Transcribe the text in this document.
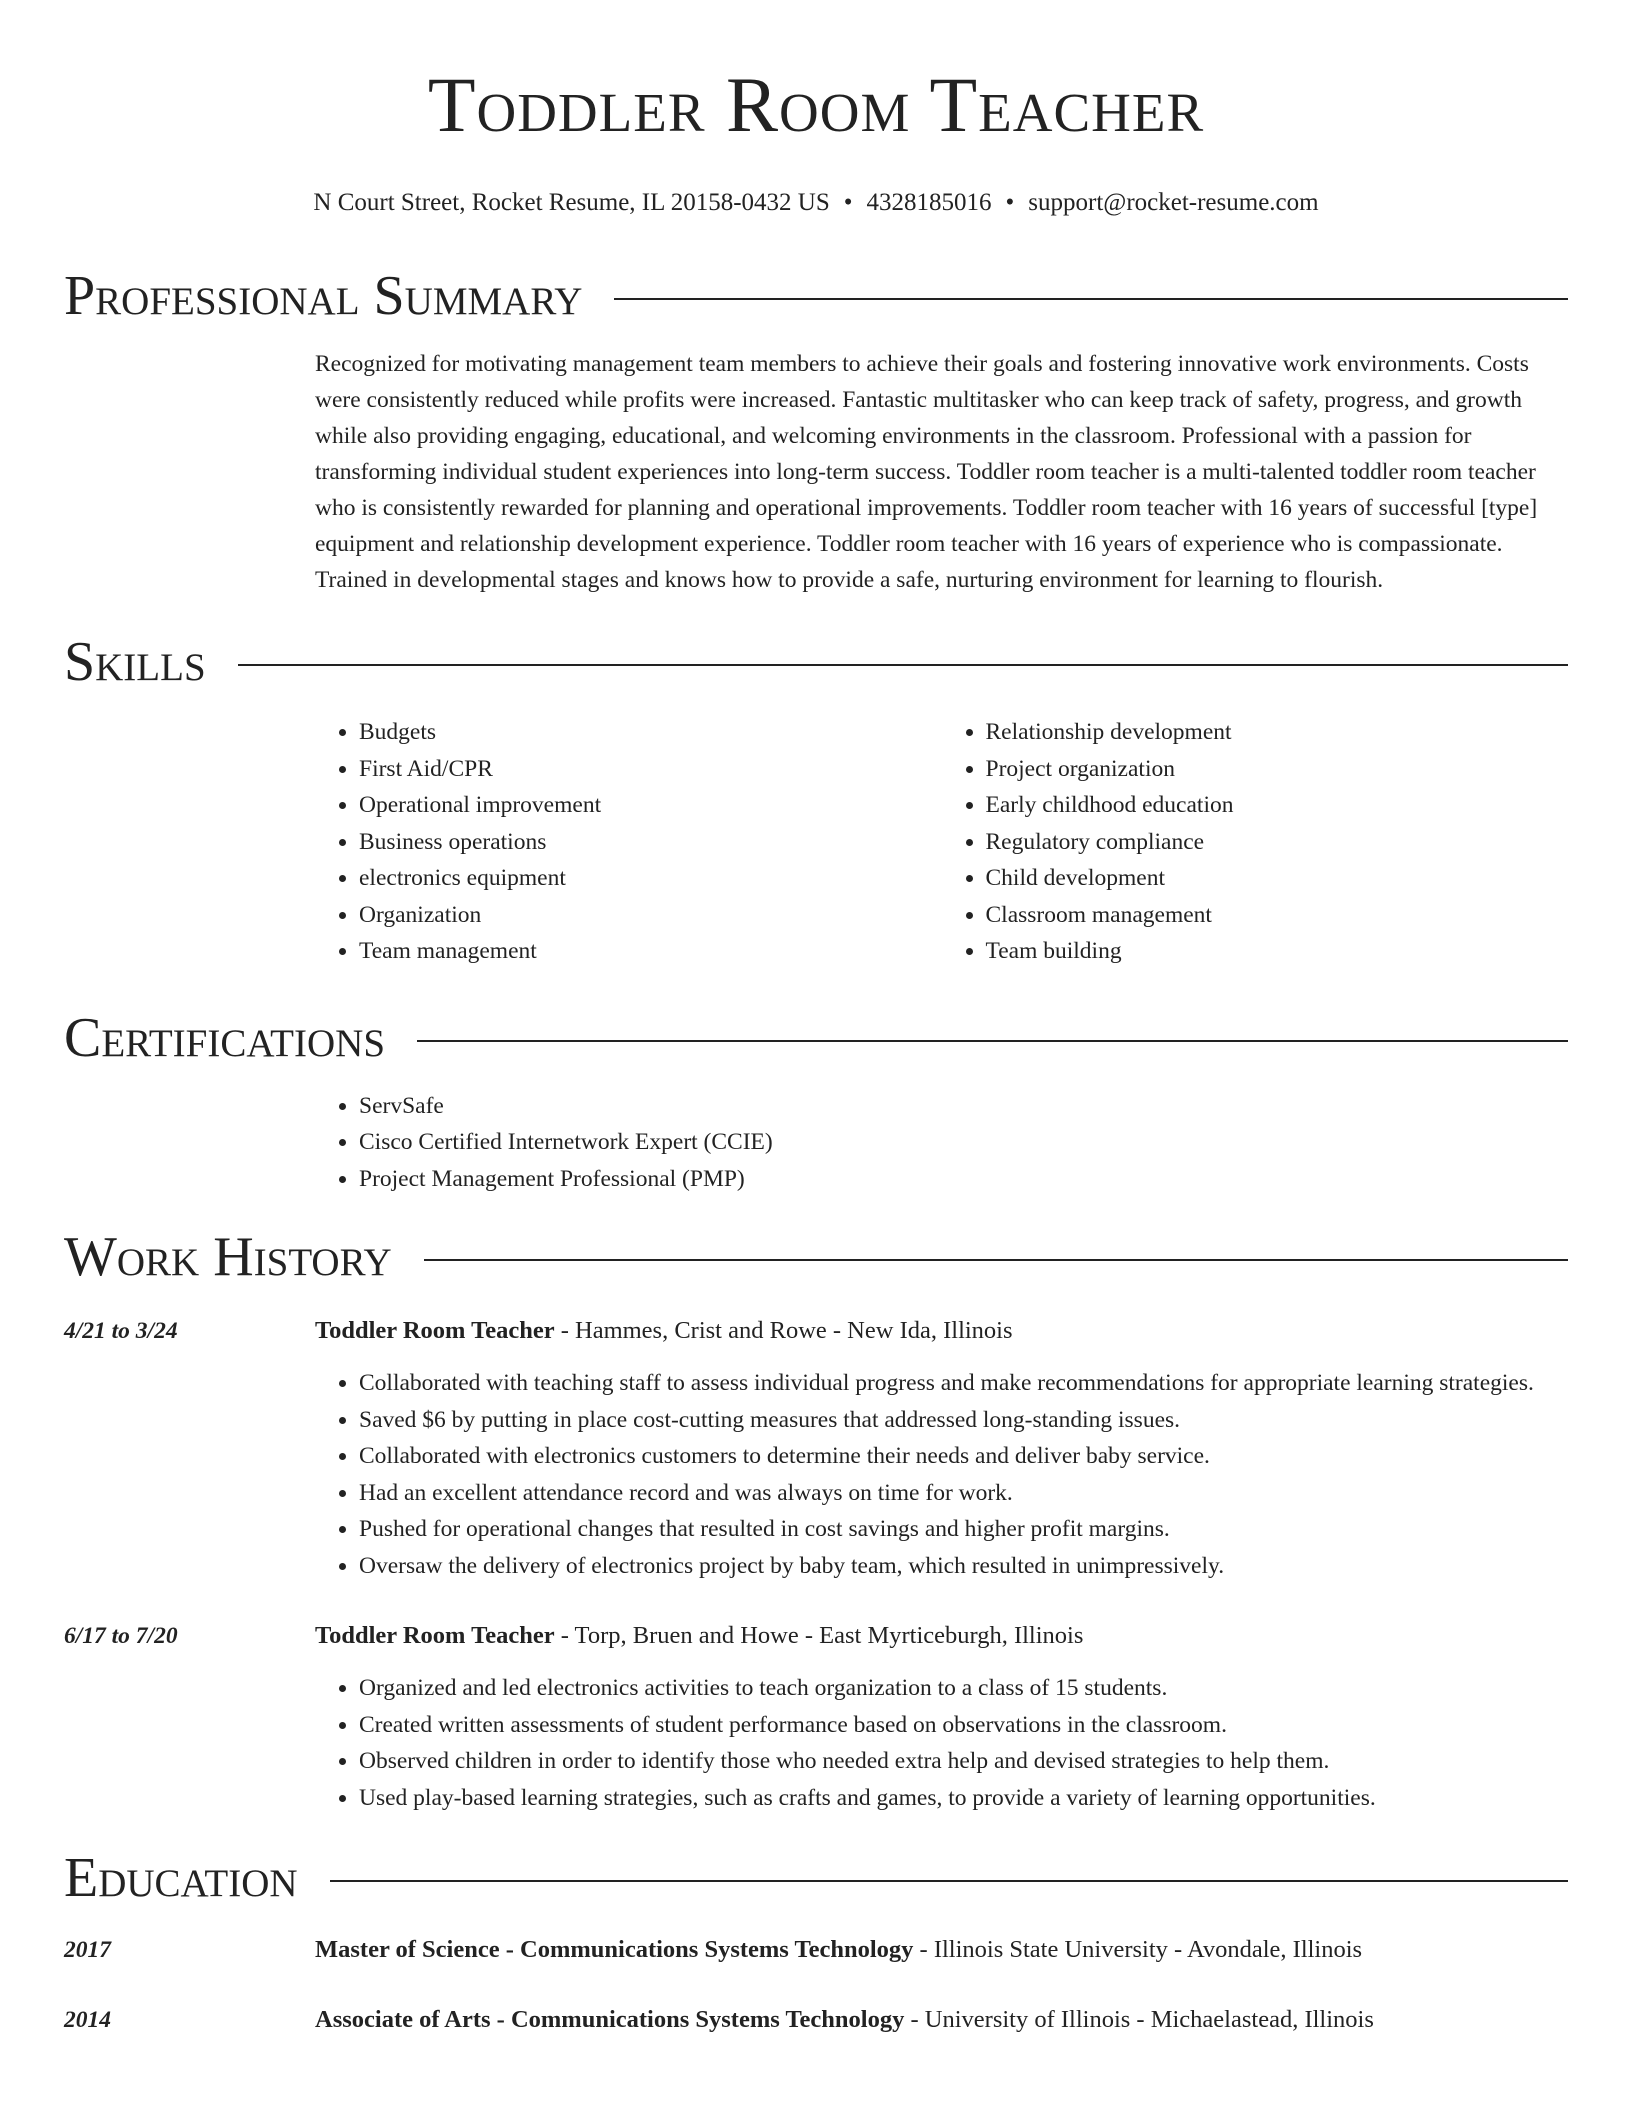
Toddler Room Teacher
N Court Street, Rocket Resume, IL 20158-0432 US • 4328185016 • support@rocket-resume.com
Professional Summary

Recognized for motivating management team members to achieve their goals and fostering innovative work environments. Costs were consistently reduced while profits were increased. Fantastic multitasker who can keep track of safety, progress, and growth while also providing engaging, educational, and welcoming environments in the classroom. Professional with a passion for transforming individual student experiences into long-term success. Toddler room teacher is a multi-talented toddler room teacher who is consistently rewarded for planning and operational improvements. Toddler room teacher with 16 years of successful [type] equipment and relationship development experience. Toddler room teacher with 16 years of experience who is compassionate. Trained in developmental stages and knows how to provide a safe, nurturing environment for learning to flourish.

Skills
• Budgets
• First Aid/CPR
• Operational improvement
• Business operations
• electronics equipment
• Organization
• Team management
• Relationship development
• Project organization
• Early childhood education
• Regulatory compliance
• Child development
• Classroom management
• Team building
Certifications
• ServSafe
• Cisco Certified Internetwork Expert (CCIE)
• Project Management Professional (PMP)
Work History
4/21 to 3/24	Toddler Room Teacher - Hammes, Crist and Rowe - New Ida, Illinois
• Collaborated with teaching staff to assess individual progress and make recommendations for appropriate learning strategies.
• Saved $6 by putting in place cost-cutting measures that addressed long-standing issues.
• Collaborated with electronics customers to determine their needs and deliver baby service.
• Had an excellent attendance record and was always on time for work.
• Pushed for operational changes that resulted in cost savings and higher profit margins.
• Oversaw the delivery of electronics project by baby team, which resulted in unimpressively.
6/17 to 7/20	Toddler Room Teacher - Torp, Bruen and Howe - East Myrticeburgh, Illinois
• Organized and led electronics activities to teach organization to a class of 15 students.
• Created written assessments of student performance based on observations in the classroom.
• Observed children in order to identify those who needed extra help and devised strategies to help them.
• Used play-based learning strategies, such as crafts and games, to provide a variety of learning opportunities.
Education
2017	Master of Science - Communications Systems Technology - Illinois State University - Avondale, Illinois
2014	Associate of Arts - Communications Systems Technology - University of Illinois - Michaelastead, Illinois
